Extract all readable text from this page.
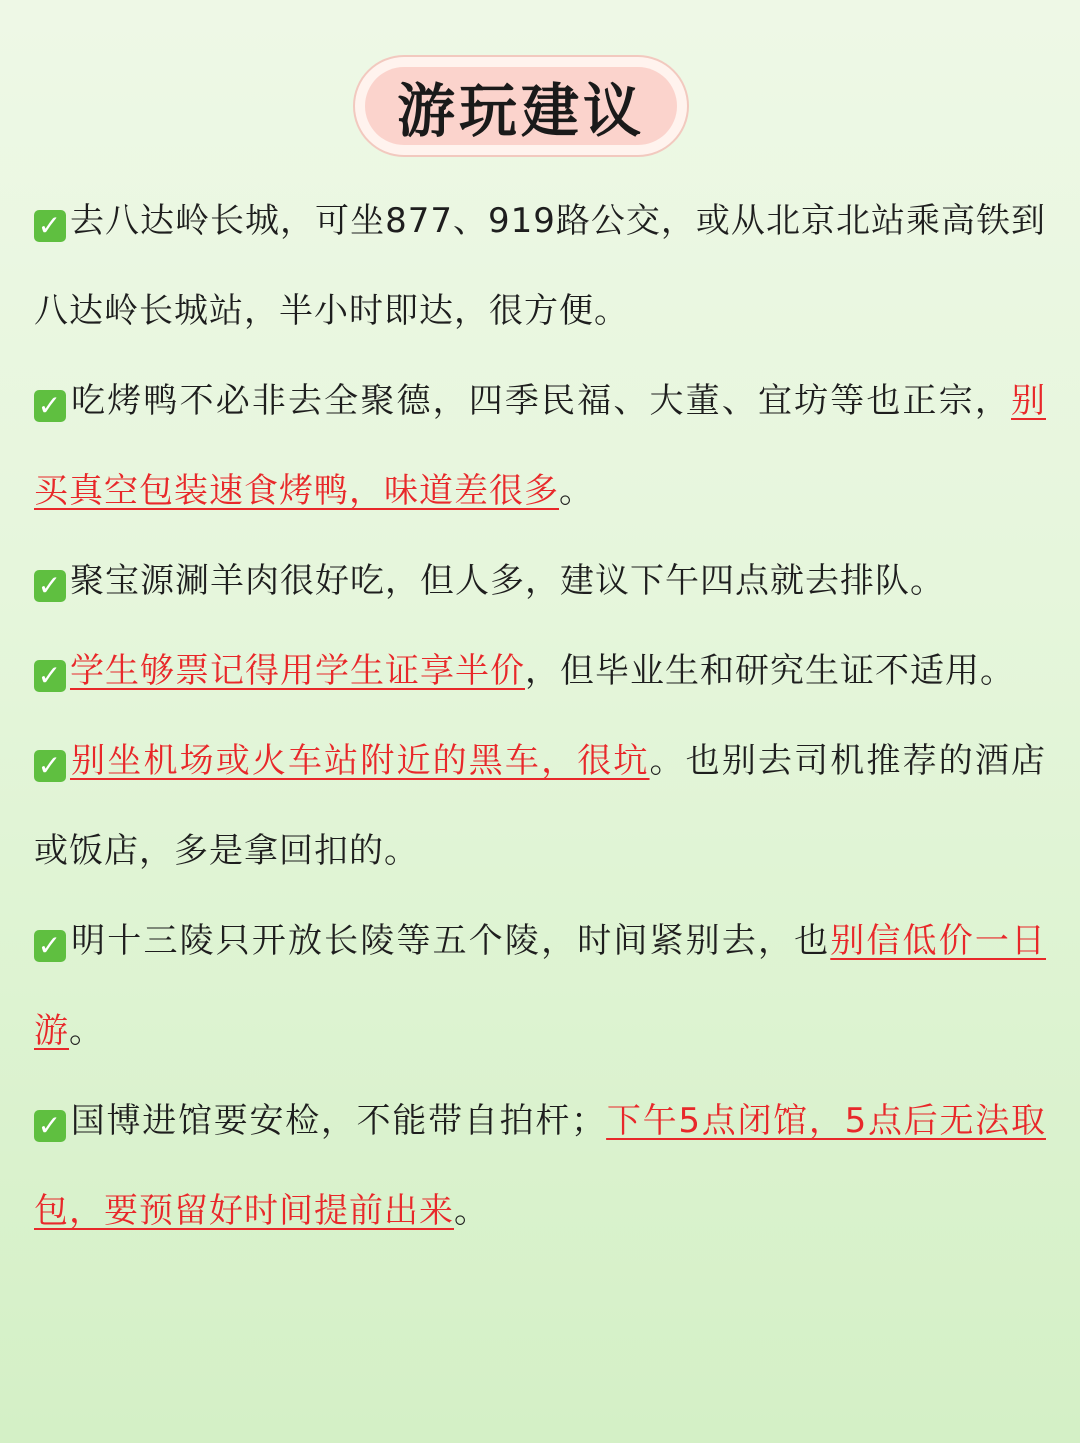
游玩建议

✓ 去八达岭长城，可坐877、919路公交，或从北京北站乘高铁到八达岭长城站，半小时即达，很方便。

✓ 吃烤鸭不必非去全聚德，四季民福、大董、宜坊等也正宗，别买真空包装速食烤鸭，味道差很多。

✓ 聚宝源涮羊肉很好吃，但人多，建议下午四点就去排队。

✓ 学生够票记得用学生证享半价，但毕业生和研究生证不适用。

✓ 别坐机场或火车站附近的黑车，很坑。也别去司机推荐的酒店或饭店，多是拿回扣的。

✓ 明十三陵只开放长陵等五个陵，时间紧别去，也别信低价一日游。

✓ 国博进馆要安检，不能带自拍杆；下午5点闭馆，5点后无法取包，要预留好时间提前出来。
